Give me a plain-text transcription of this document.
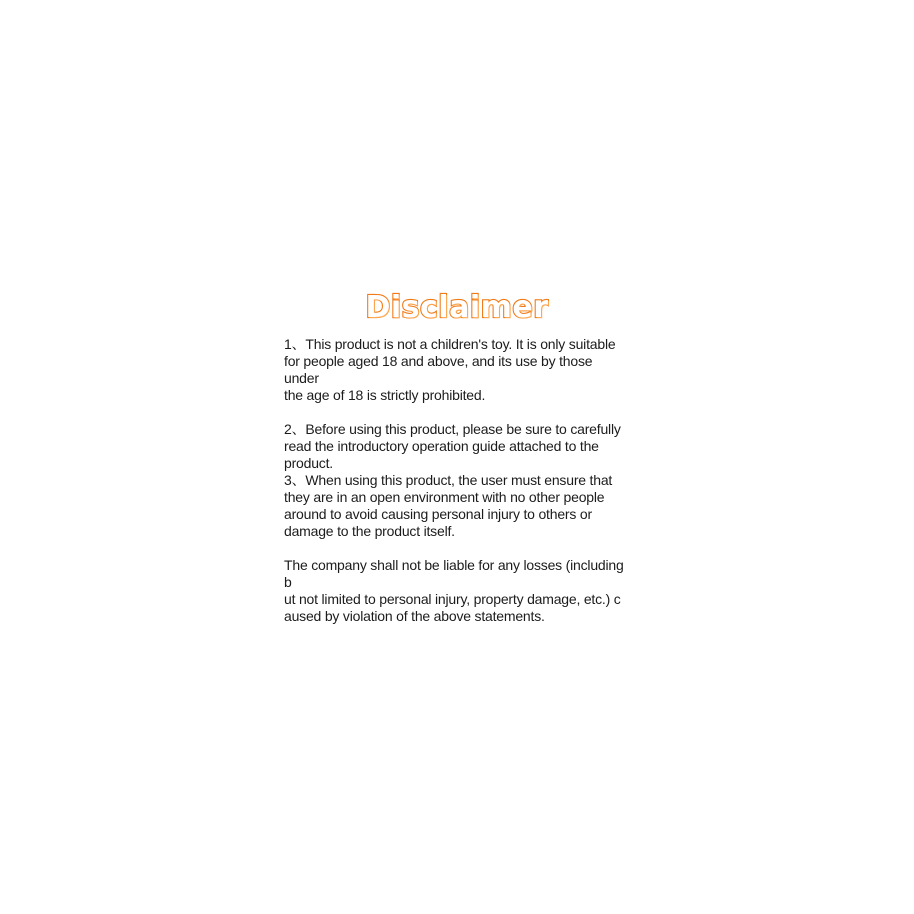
Disclaimer

1、This product is not a children's toy. It is only suitable
for people aged 18 and above, and its use by those under
the age of 18 is strictly prohibited.

2、Before using this product, please be sure to carefully
read the introductory operation guide attached to the
product.

3、When using this product, the user must ensure that
they are in an open environment with no other people
around to avoid causing personal injury to others or
damage to the product itself.

The company shall not be liable for any losses (including b
ut not limited to personal injury, property damage, etc.) c
aused by violation of the above statements.
